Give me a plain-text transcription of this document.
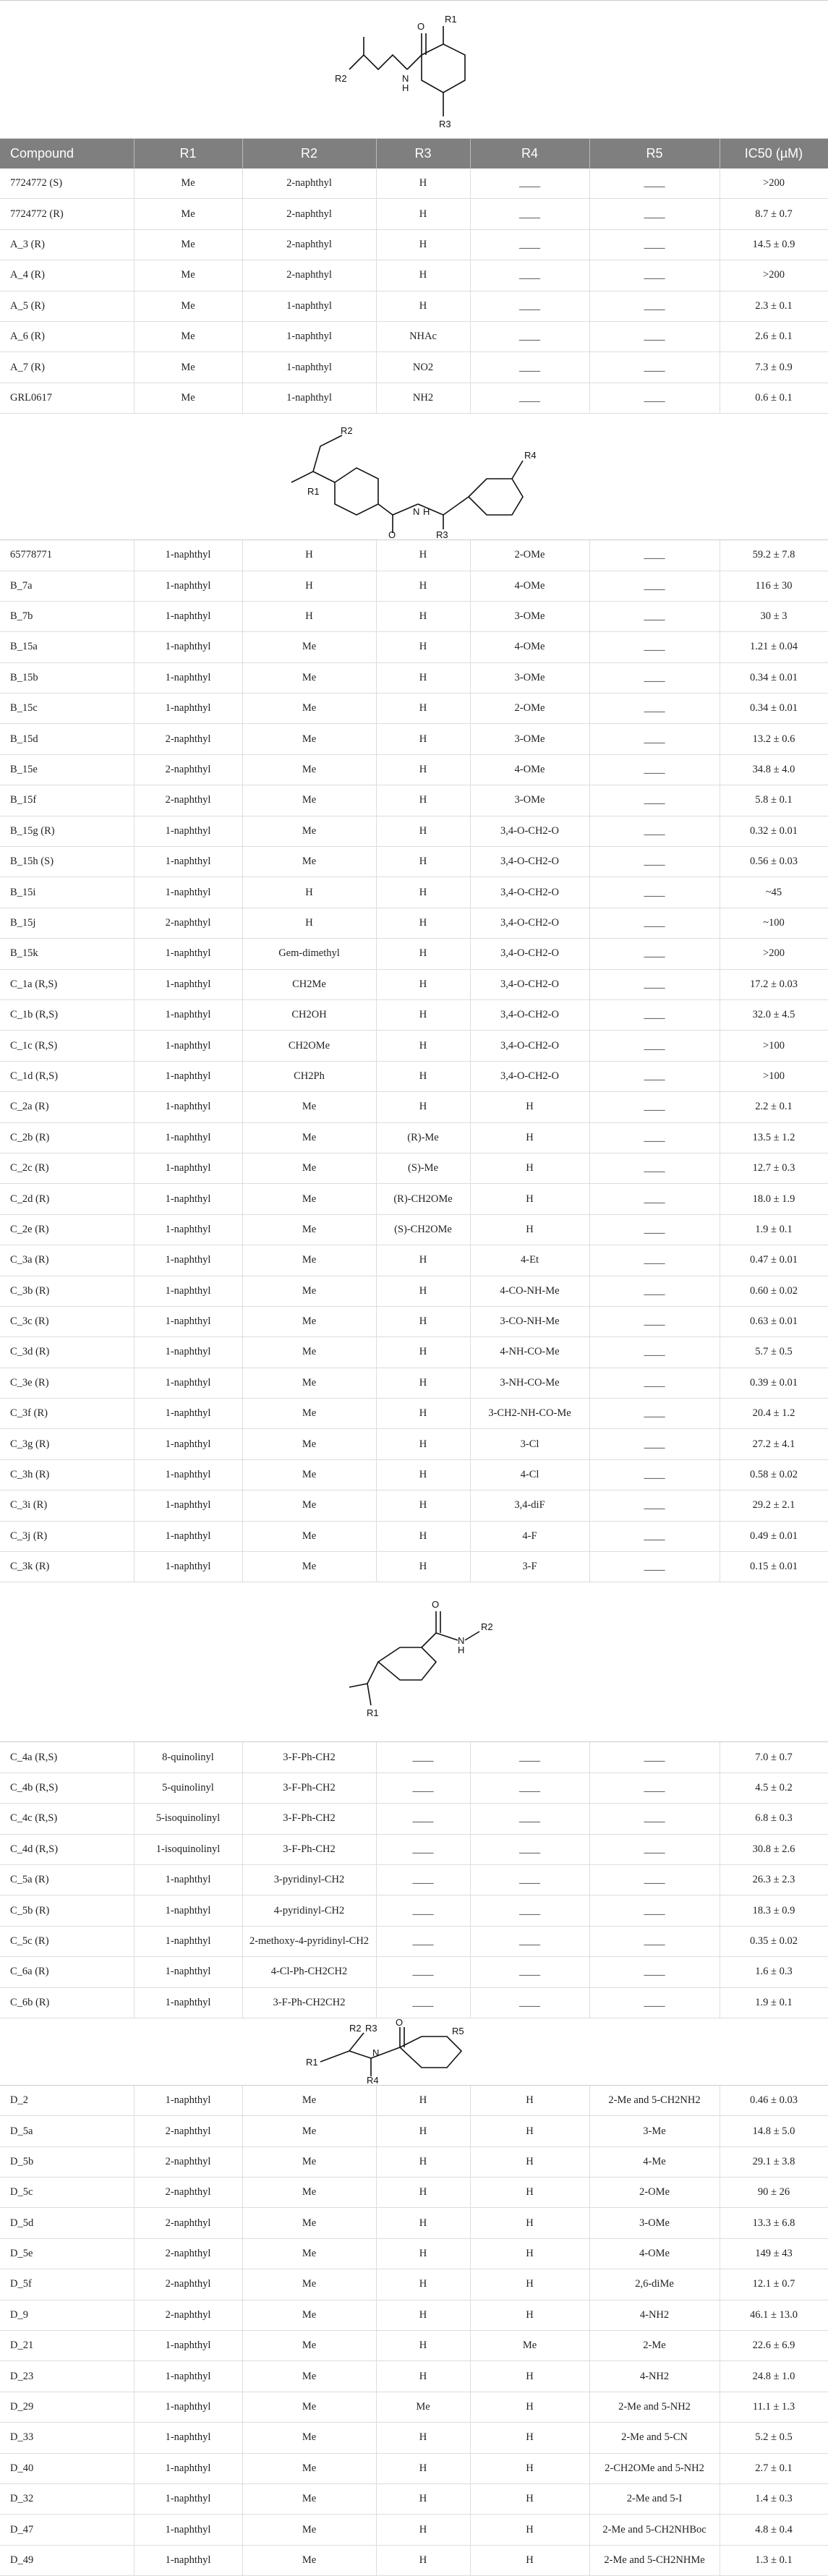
O
R1
R2
R3
N
H
Compound	R1	R2	R3	R4	R5	IC50 (µM)
7724772 (S)	Me	2-naphthyl	H	____	____	>200
7724772 (R)	Me	2-naphthyl	H	____	____	8.7 ± 0.7
A_3 (R)	Me	2-naphthyl	H	____	____	14.5 ± 0.9
A_4 (R)	Me	2-naphthyl	H	____	____	>200
A_5 (R)	Me	1-naphthyl	H	____	____	2.3 ± 0.1
A_6 (R)	Me	1-naphthyl	NHAc	____	____	2.6 ± 0.1
A_7 (R)	Me	1-naphthyl	NO2	____	____	7.3 ± 0.9
GRL0617	Me	1-naphthyl	NH2	____	____	0.6 ± 0.1
R1
R2
R3
R4
O
N H
65778771	1-naphthyl	H	H	2-OMe	____	59.2 ± 7.8
B_7a	1-naphthyl	H	H	4-OMe	____	116 ± 30
B_7b	1-naphthyl	H	H	3-OMe	____	30 ± 3
B_15a	1-naphthyl	Me	H	4-OMe	____	1.21 ± 0.04
B_15b	1-naphthyl	Me	H	3-OMe	____	0.34 ± 0.01
B_15c	1-naphthyl	Me	H	2-OMe	____	0.34 ± 0.01
B_15d	2-naphthyl	Me	H	3-OMe	____	13.2 ± 0.6
B_15e	2-naphthyl	Me	H	4-OMe	____	34.8 ± 4.0
B_15f	2-naphthyl	Me	H	3-OMe	____	5.8 ± 0.1
B_15g (R)	1-naphthyl	Me	H	3,4-O-CH2-O	____	0.32 ± 0.01
B_15h (S)	1-naphthyl	Me	H	3,4-O-CH2-O	____	0.56 ± 0.03
B_15i	1-naphthyl	H	H	3,4-O-CH2-O	____	~45
B_15j	2-naphthyl	H	H	3,4-O-CH2-O	____	~100
B_15k	1-naphthyl	Gem-dimethyl	H	3,4-O-CH2-O	____	>200
C_1a (R,S)	1-naphthyl	CH2Me	H	3,4-O-CH2-O	____	17.2 ± 0.03
C_1b (R,S)	1-naphthyl	CH2OH	H	3,4-O-CH2-O	____	32.0 ± 4.5
C_1c (R,S)	1-naphthyl	CH2OMe	H	3,4-O-CH2-O	____	>100
C_1d (R,S)	1-naphthyl	CH2Ph	H	3,4-O-CH2-O	____	>100
C_2a (R)	1-naphthyl	Me	H	H	____	2.2 ± 0.1
C_2b (R)	1-naphthyl	Me	(R)-Me	H	____	13.5 ± 1.2
C_2c (R)	1-naphthyl	Me	(S)-Me	H	____	12.7 ± 0.3
C_2d (R)	1-naphthyl	Me	(R)-CH2OMe	H	____	18.0 ± 1.9
C_2e (R)	1-naphthyl	Me	(S)-CH2OMe	H	____	1.9 ± 0.1
C_3a (R)	1-naphthyl	Me	H	4-Et	____	0.47 ± 0.01
C_3b (R)	1-naphthyl	Me	H	4-CO-NH-Me	____	0.60 ± 0.02
C_3c (R)	1-naphthyl	Me	H	3-CO-NH-Me	____	0.63 ± 0.01
C_3d (R)	1-naphthyl	Me	H	4-NH-CO-Me	____	5.7 ± 0.5
C_3e (R)	1-naphthyl	Me	H	3-NH-CO-Me	____	0.39 ± 0.01
C_3f (R)	1-naphthyl	Me	H	3-CH2-NH-CO-Me	____	20.4 ± 1.2
C_3g (R)	1-naphthyl	Me	H	3-Cl	____	27.2 ± 4.1
C_3h (R)	1-naphthyl	Me	H	4-Cl	____	0.58 ± 0.02
C_3i (R)	1-naphthyl	Me	H	3,4-diF	____	29.2 ± 2.1
C_3j (R)	1-naphthyl	Me	H	4-F	____	0.49 ± 0.01
C_3k (R)	1-naphthyl	Me	H	3-F	____	0.15 ± 0.01
O
N
H
R2
R1
C_4a (R,S)	8-quinolinyl	3-F-Ph-CH2	____	____	____	7.0 ± 0.7
C_4b (R,S)	5-quinolinyl	3-F-Ph-CH2	____	____	____	4.5 ± 0.2
C_4c (R,S)	5-isoquinolinyl	3-F-Ph-CH2	____	____	____	6.8 ± 0.3
C_4d (R,S)	1-isoquinolinyl	3-F-Ph-CH2	____	____	____	30.8 ± 2.6
C_5a (R)	1-naphthyl	3-pyridinyl-CH2	____	____	____	26.3 ± 2.3
C_5b (R)	1-naphthyl	4-pyridinyl-CH2	____	____	____	18.3 ± 0.9
C_5c (R)	1-naphthyl	2-methoxy-4-pyridinyl-CH2	____	____	____	0.35 ± 0.02
C_6a (R)	1-naphthyl	4-Cl-Ph-CH2CH2	____	____	____	1.6 ± 0.3
C_6b (R)	1-naphthyl	3-F-Ph-CH2CH2	____	____	____	1.9 ± 0.1
R1
R2 R3
R4
R5
O
N
D_2	1-naphthyl	Me	H	H	2-Me and 5-CH2NH2	0.46 ± 0.03
D_5a	2-naphthyl	Me	H	H	3-Me	14.8 ± 5.0
D_5b	2-naphthyl	Me	H	H	4-Me	29.1 ± 3.8
D_5c	2-naphthyl	Me	H	H	2-OMe	90 ± 26
D_5d	2-naphthyl	Me	H	H	3-OMe	13.3 ± 6.8
D_5e	2-naphthyl	Me	H	H	4-OMe	149 ± 43
D_5f	2-naphthyl	Me	H	H	2,6-diMe	12.1 ± 0.7
D_9	2-naphthyl	Me	H	H	4-NH2	46.1 ± 13.0
D_21	1-naphthyl	Me	H	Me	2-Me	22.6 ± 6.9
D_23	1-naphthyl	Me	H	H	4-NH2	24.8 ± 1.0
D_29	1-naphthyl	Me	Me	H	2-Me and 5-NH2	11.1 ± 1.3
D_33	1-naphthyl	Me	H	H	2-Me and 5-CN	5.2 ± 0.5
D_40	1-naphthyl	Me	H	H	2-CH2OMe and 5-NH2	2.7 ± 0.1
D_32	1-naphthyl	Me	H	H	2-Me and 5-I	1.4 ± 0.3
D_47	1-naphthyl	Me	H	H	2-Me and 5-CH2NHBoc	4.8 ± 0.4
D_49	1-naphthyl	Me	H	H	2-Me and 5-CH2NHMe	1.3 ± 0.1
